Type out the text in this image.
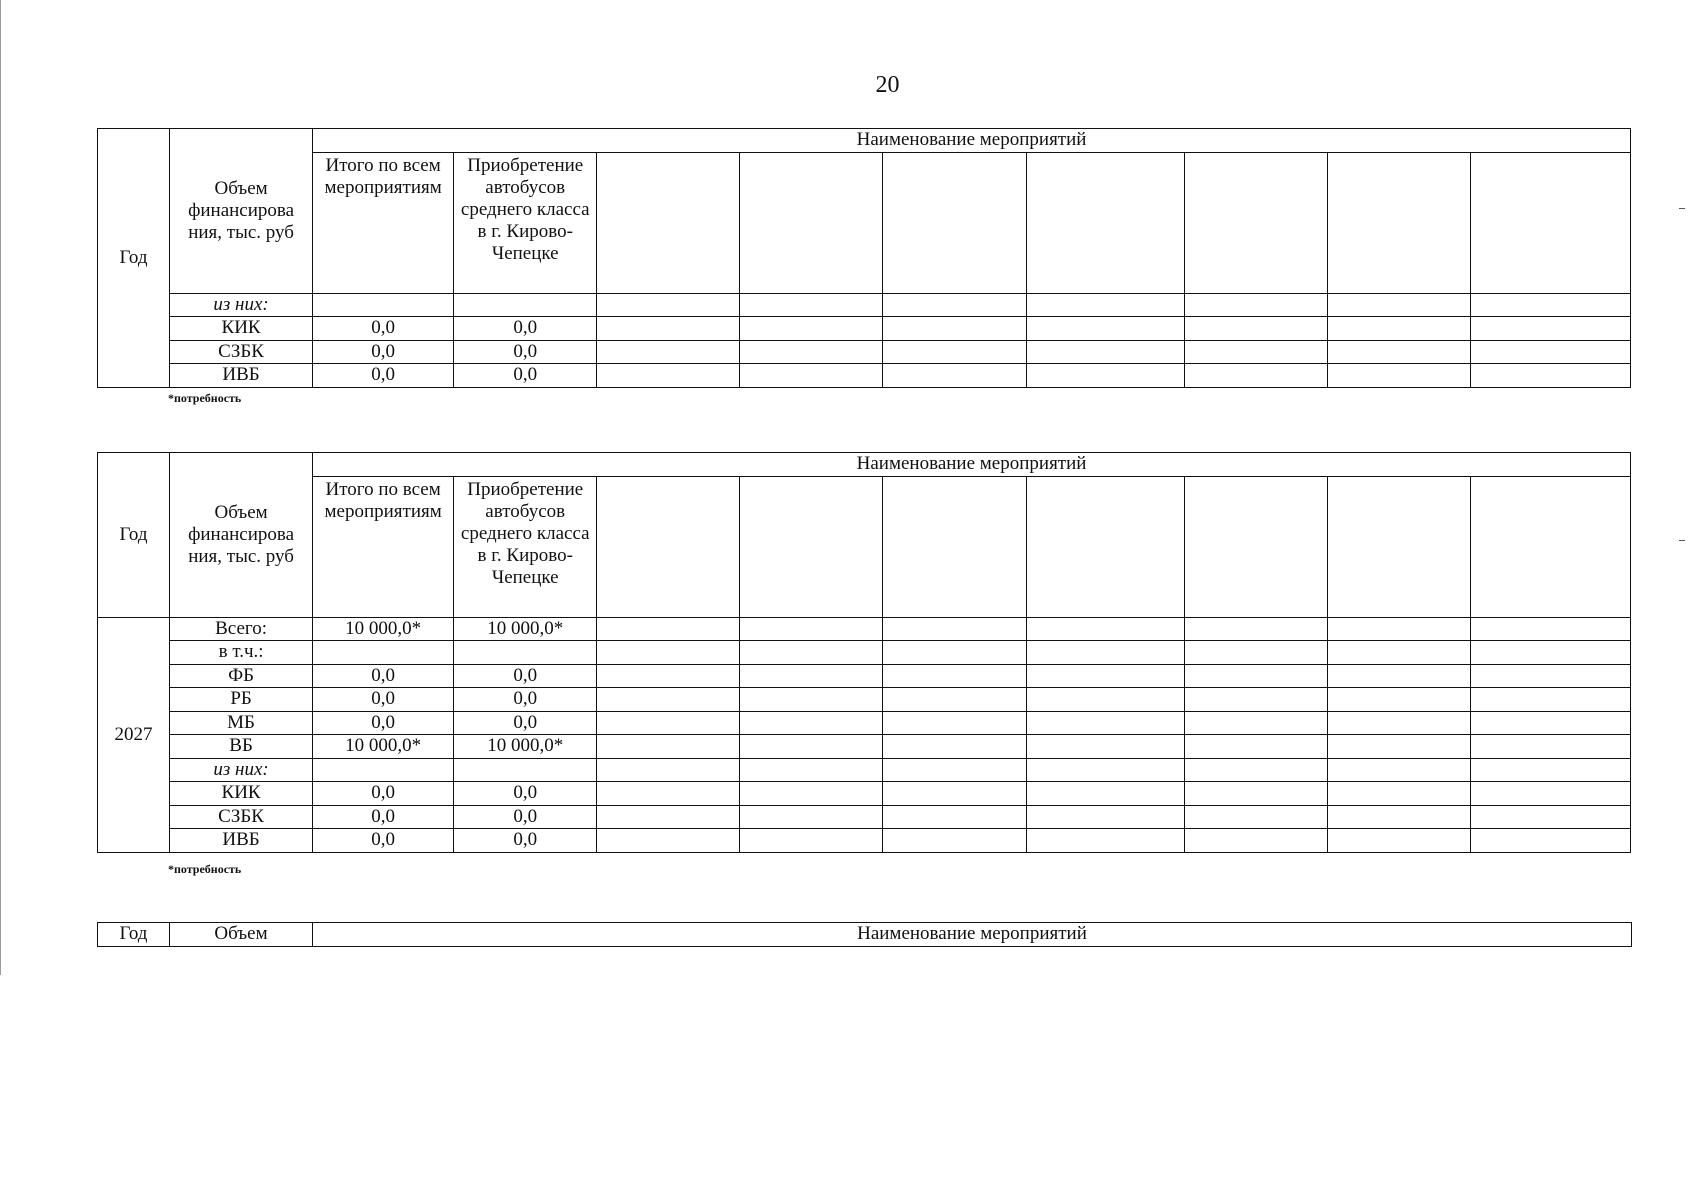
20
Год	Объем финансирова ния, тыс. руб	Наименование мероприятий								
		Итого по всем мероприятиям	Приобретение автобусов среднего класса в г. Кирово-Чепецке							
	из них:									
	КИК	0,0	0,0							
	СЗБК	0,0	0,0							
	ИВБ	0,0	0,0							
*потребность
Год	Объем финансирова ния, тыс. руб	Наименование мероприятий								
		Итого по всем мероприятиям	Приобретение автобусов среднего класса в г. Кирово-Чепецке							
2027	Всего:	10 000,0*	10 000,0*							
	в т.ч.:									
	ФБ	0,0	0,0							
	РБ	0,0	0,0							
	МБ	0,0	0,0							
	ВБ	10 000,0*	10 000,0*							
	из них:									
	КИК	0,0	0,0							
	СЗБК	0,0	0,0							
	ИВБ	0,0	0,0							
*потребность
Год	Объем	Наименование мероприятий
